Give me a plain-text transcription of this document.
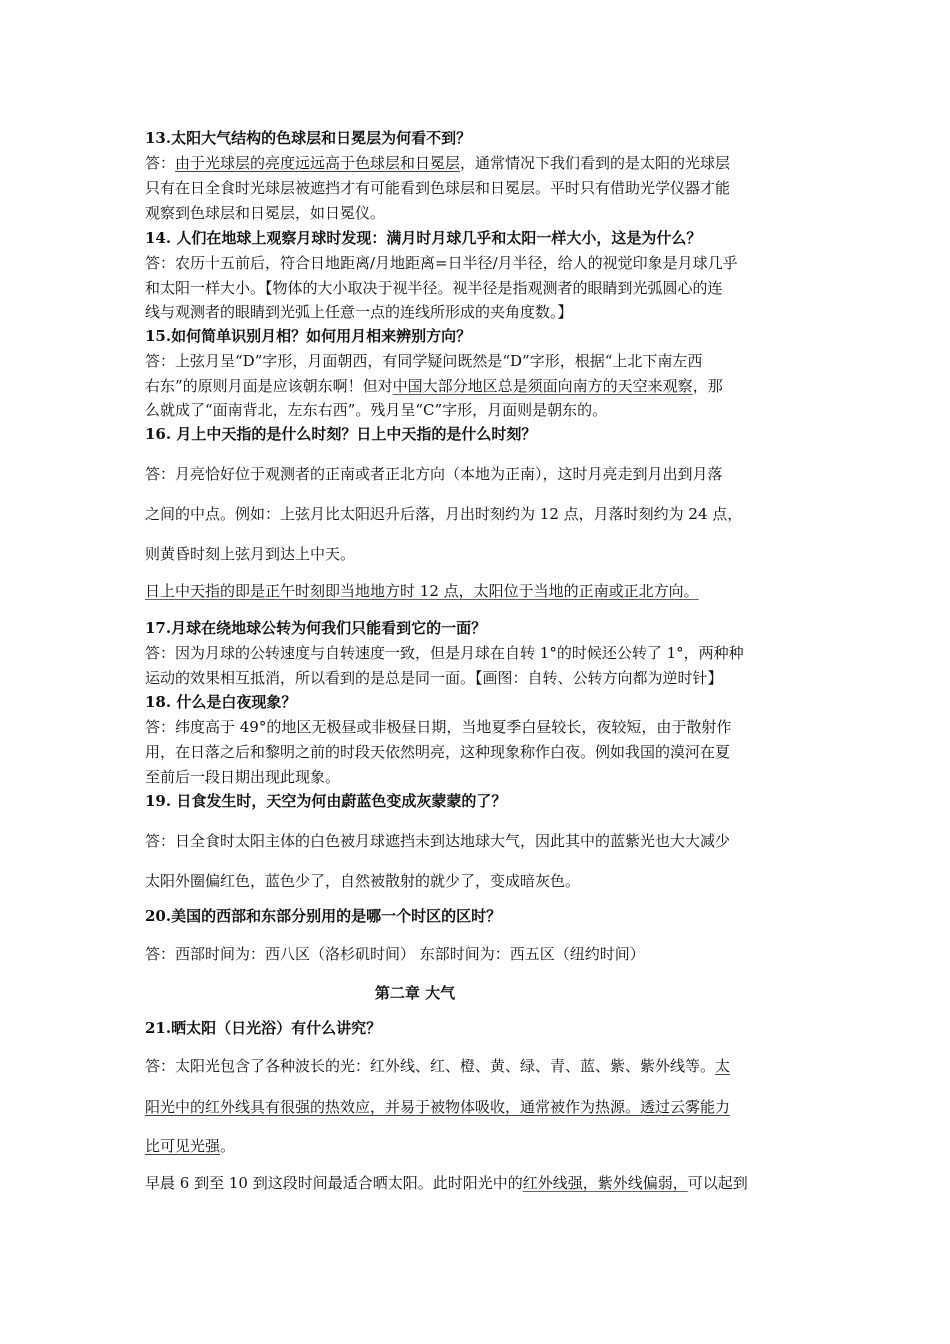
13.太阳大气结构的色球层和日冕层为何看不到？
答：由于光球层的亮度远远高于色球层和日冕层，通常情况下我们看到的是太阳的光球层
只有在日全食时光球层被遮挡才有可能看到色球层和日冕层。平时只有借助光学仪器才能
观察到色球层和日冕层，如日冕仪。
14. 人们在地球上观察月球时发现：满月时月球几乎和太阳一样大小，这是为什么？
答：农历十五前后，符合日地距离/月地距离=日半径/月半径，给人的视觉印象是月球几乎
和太阳一样大小。【物体的大小取决于视半径。视半径是指观测者的眼睛到光弧圆心的连
线与观测者的眼睛到光弧上任意一点的连线所形成的夹角度数。】
15.如何简单识别月相？如何用月相来辨别方向？
答：上弦月呈“D”字形，月面朝西，有同学疑问既然是“D”字形，根据“上北下南左西
右东”的原则月面是应该朝东啊！但对中国大部分地区总是须面向南方的天空来观察，那
么就成了“面南背北，左东右西”。残月呈“C”字形，月面则是朝东的。
16. 月上中天指的是什么时刻？日上中天指的是什么时刻？
答：月亮恰好位于观测者的正南或者正北方向（本地为正南），这时月亮走到月出到月落
之间的中点。例如：上弦月比太阳迟升后落，月出时刻约为 12 点，月落时刻约为 24 点，
则黄昏时刻上弦月到达上中天。
日上中天指的即是正午时刻即当地地方时 12 点，太阳位于当地的正南或正北方向。
17.月球在绕地球公转为何我们只能看到它的一面？
答：因为月球的公转速度与自转速度一致，但是月球在自转 1°的时候还公转了 1°，两种种
运动的效果相互抵消，所以看到的是总是同一面。【画图：自转、公转方向都为逆时针】
18. 什么是白夜现象？
答：纬度高于 49°的地区无极昼或非极昼日期，当地夏季白昼较长，夜较短，由于散射作
用，在日落之后和黎明之前的时段天依然明亮，这种现象称作白夜。例如我国的漠河在夏
至前后一段日期出现此现象。
19. 日食发生时，天空为何由蔚蓝色变成灰蒙蒙的了？
答：日全食时太阳主体的白色被月球遮挡未到达地球大气，因此其中的蓝紫光也大大减少
太阳外圈偏红色，蓝色少了，自然被散射的就少了，变成暗灰色。
20.美国的西部和东部分别用的是哪一个时区的区时？
答：西部时间为：西八区（洛杉矶时间） 东部时间为：西五区（纽约时间）
第二章 大气
21.晒太阳（日光浴）有什么讲究？
答：太阳光包含了各种波长的光：红外线、红、橙、黄、绿、青、蓝、紫、紫外线等。太
阳光中的红外线具有很强的热效应，并易于被物体吸收，通常被作为热源。透过云雾能力
比可见光强。
早晨 6 到至 10 到这段时间最适合晒太阳。此时阳光中的红外线强，紫外线偏弱，可以起到
